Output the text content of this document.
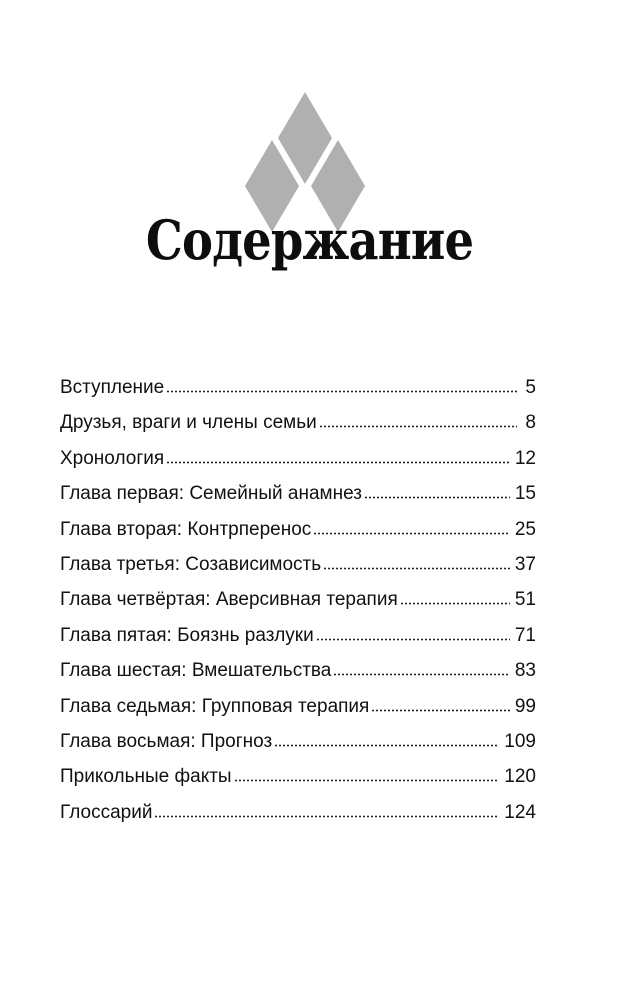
Содержание
Вступление	5
Друзья, враги и члены семьи	8
Хронология	12
Глава первая: Семейный анамнез	15
Глава вторая: Контрперенос	25
Глава третья: Созависимость	37
Глава четвёртая: Аверсивная терапия	51
Глава пятая: Боязнь разлуки	71
Глава шестая: Вмешательства	83
Глава седьмая: Групповая терапия	99
Глава восьмая: Прогноз	109
Прикольные факты	120
Глоссарий	124
